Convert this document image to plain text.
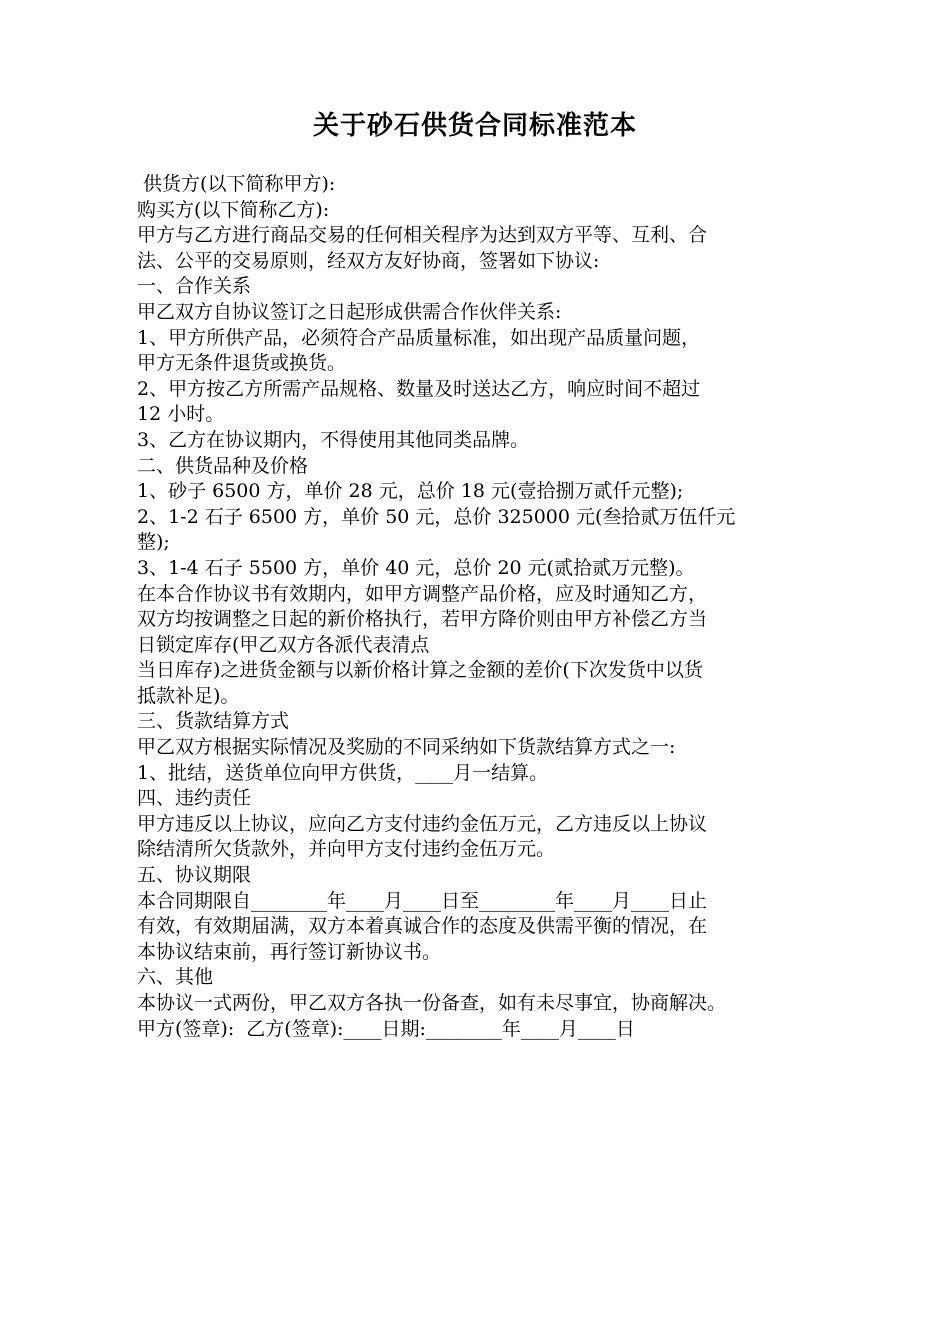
关于砂石供货合同标准范本
供货方(以下简称甲方):
购买方(以下简称乙方):
甲方与乙方进行商品交易的任何相关程序为达到双方平等、互利、合
法、公平的交易原则，经双方友好协商，签署如下协议:
一、合作关系
甲乙双方自协议签订之日起形成供需合作伙伴关系:
1、甲方所供产品，必须符合产品质量标准，如出现产品质量问题，
甲方无条件退货或换货。
2、甲方按乙方所需产品规格、数量及时送达乙方，响应时间不超过
12 小时。
3、乙方在协议期内，不得使用其他同类品牌。
二、供货品种及价格
1、砂子 6500 方，单价 28 元，总价 18 元(壹拾捌万贰仟元整);
2、1-2 石子 6500 方，单价 50 元，总价 325000 元(叁拾贰万伍仟元
整);
3、1-4 石子 5500 方，单价 40 元，总价 20 元(贰拾贰万元整)。
在本合作协议书有效期内，如甲方调整产品价格，应及时通知乙方，
双方均按调整之日起的新价格执行，若甲方降价则由甲方补偿乙方当
日锁定库存(甲乙双方各派代表清点
当日库存)之进货金额与以新价格计算之金额的差价(下次发货中以货
抵款补足)。
三、货款结算方式
甲乙双方根据实际情况及奖励的不同采纳如下货款结算方式之一:
1、批结，送货单位向甲方供货，____月一结算。
四、违约责任
甲方违反以上协议，应向乙方支付违约金伍万元，乙方违反以上协议
除结清所欠货款外，并向甲方支付违约金伍万元。
五、协议期限
本合同期限自________年____月____日至________年____月____日止
有效，有效期届满，双方本着真诚合作的态度及供需平衡的情况，在
本协议结束前，再行签订新协议书。
六、其他
本协议一式两份，甲乙双方各执一份备查，如有未尽事宜，协商解决。
甲方(签章):  乙方(签章):____日期:________年____月____日
